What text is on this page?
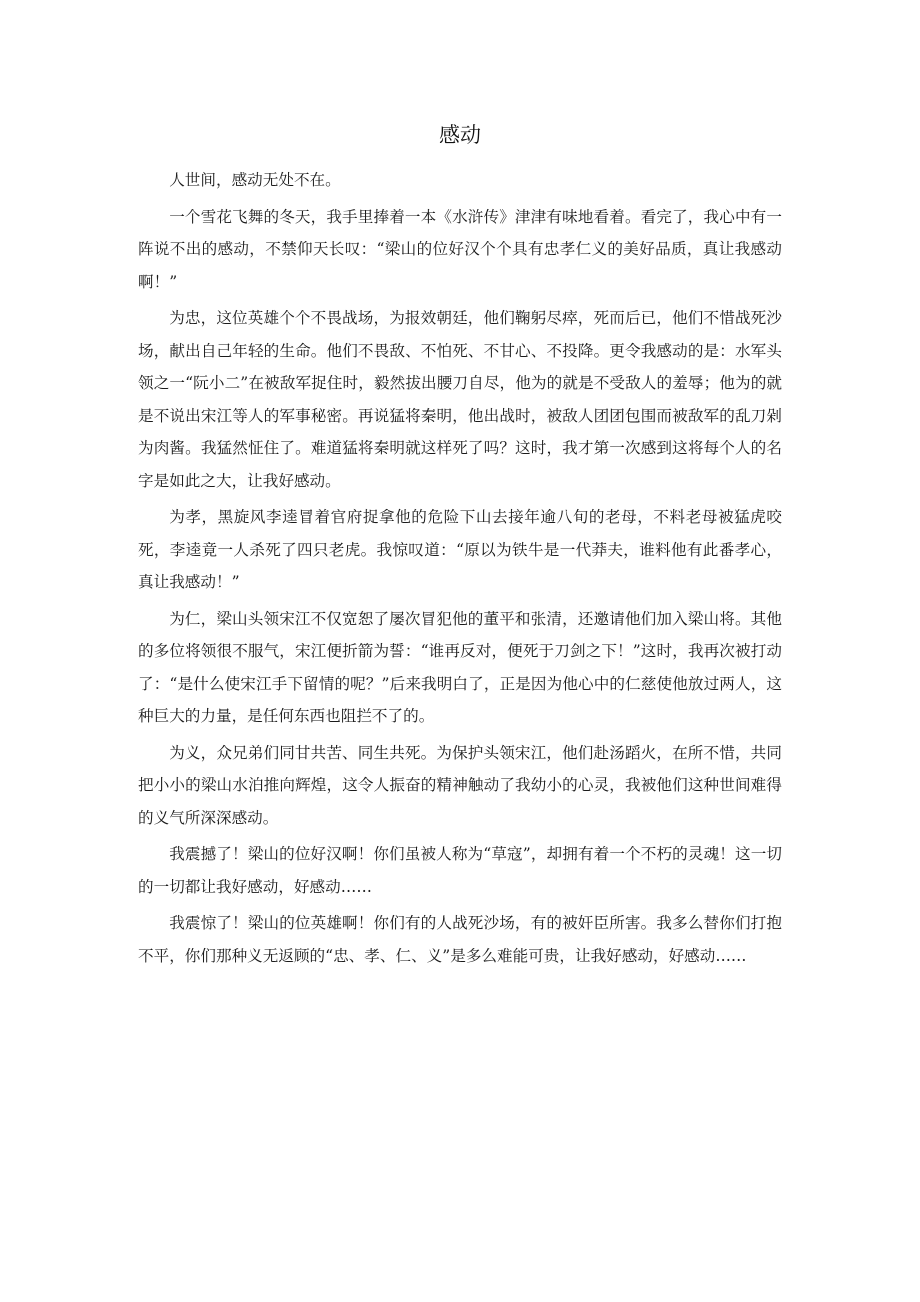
感动

人世间，感动无处不在。

一个雪花飞舞的冬天，我手里捧着一本《水浒传》津津有味地看着。看完了，我心中有一阵说不出的感动，不禁仰天长叹：“梁山的位好汉个个具有忠孝仁义的美好品质，真让我感动啊！”

为忠，这位英雄个个不畏战场，为报效朝廷，他们鞠躬尽瘁，死而后已，他们不惜战死沙场，献出自己年轻的生命。他们不畏敌、不怕死、不甘心、不投降。更令我感动的是：水军头领之一“阮小二”在被敌军捉住时，毅然拔出腰刀自尽，他为的就是不受敌人的羞辱；他为的就是不说出宋江等人的军事秘密。再说猛将秦明，他出战时，被敌人团团包围而被敌军的乱刀剁为肉酱。我猛然怔住了。难道猛将秦明就这样死了吗？这时，我才第一次感到这将每个人的名字是如此之大，让我好感动。

为孝，黑旋风李逵冒着官府捉拿他的危险下山去接年逾八旬的老母，不料老母被猛虎咬死，李逵竟一人杀死了四只老虎。我惊叹道：“原以为铁牛是一代莽夫，谁料他有此番孝心，真让我感动！”

为仁，梁山头领宋江不仅宽恕了屡次冒犯他的董平和张清，还邀请他们加入梁山将。其他的多位将领很不服气，宋江便折箭为誓：“谁再反对，便死于刀剑之下！”这时，我再次被打动了：“是什么使宋江手下留情的呢？”后来我明白了，正是因为他心中的仁慈使他放过两人，这种巨大的力量，是任何东西也阻拦不了的。

为义，众兄弟们同甘共苦、同生共死。为保护头领宋江，他们赴汤蹈火，在所不惜，共同把小小的梁山水泊推向辉煌，这令人振奋的精神触动了我幼小的心灵，我被他们这种世间难得的义气所深深感动。

我震撼了！梁山的位好汉啊！你们虽被人称为“草寇”，却拥有着一个不朽的灵魂！这一切的一切都让我好感动，好感动……

我震惊了！梁山的位英雄啊！你们有的人战死沙场，有的被奸臣所害。我多么替你们打抱不平，你们那种义无返顾的“忠、孝、仁、义”是多么难能可贵，让我好感动，好感动……
